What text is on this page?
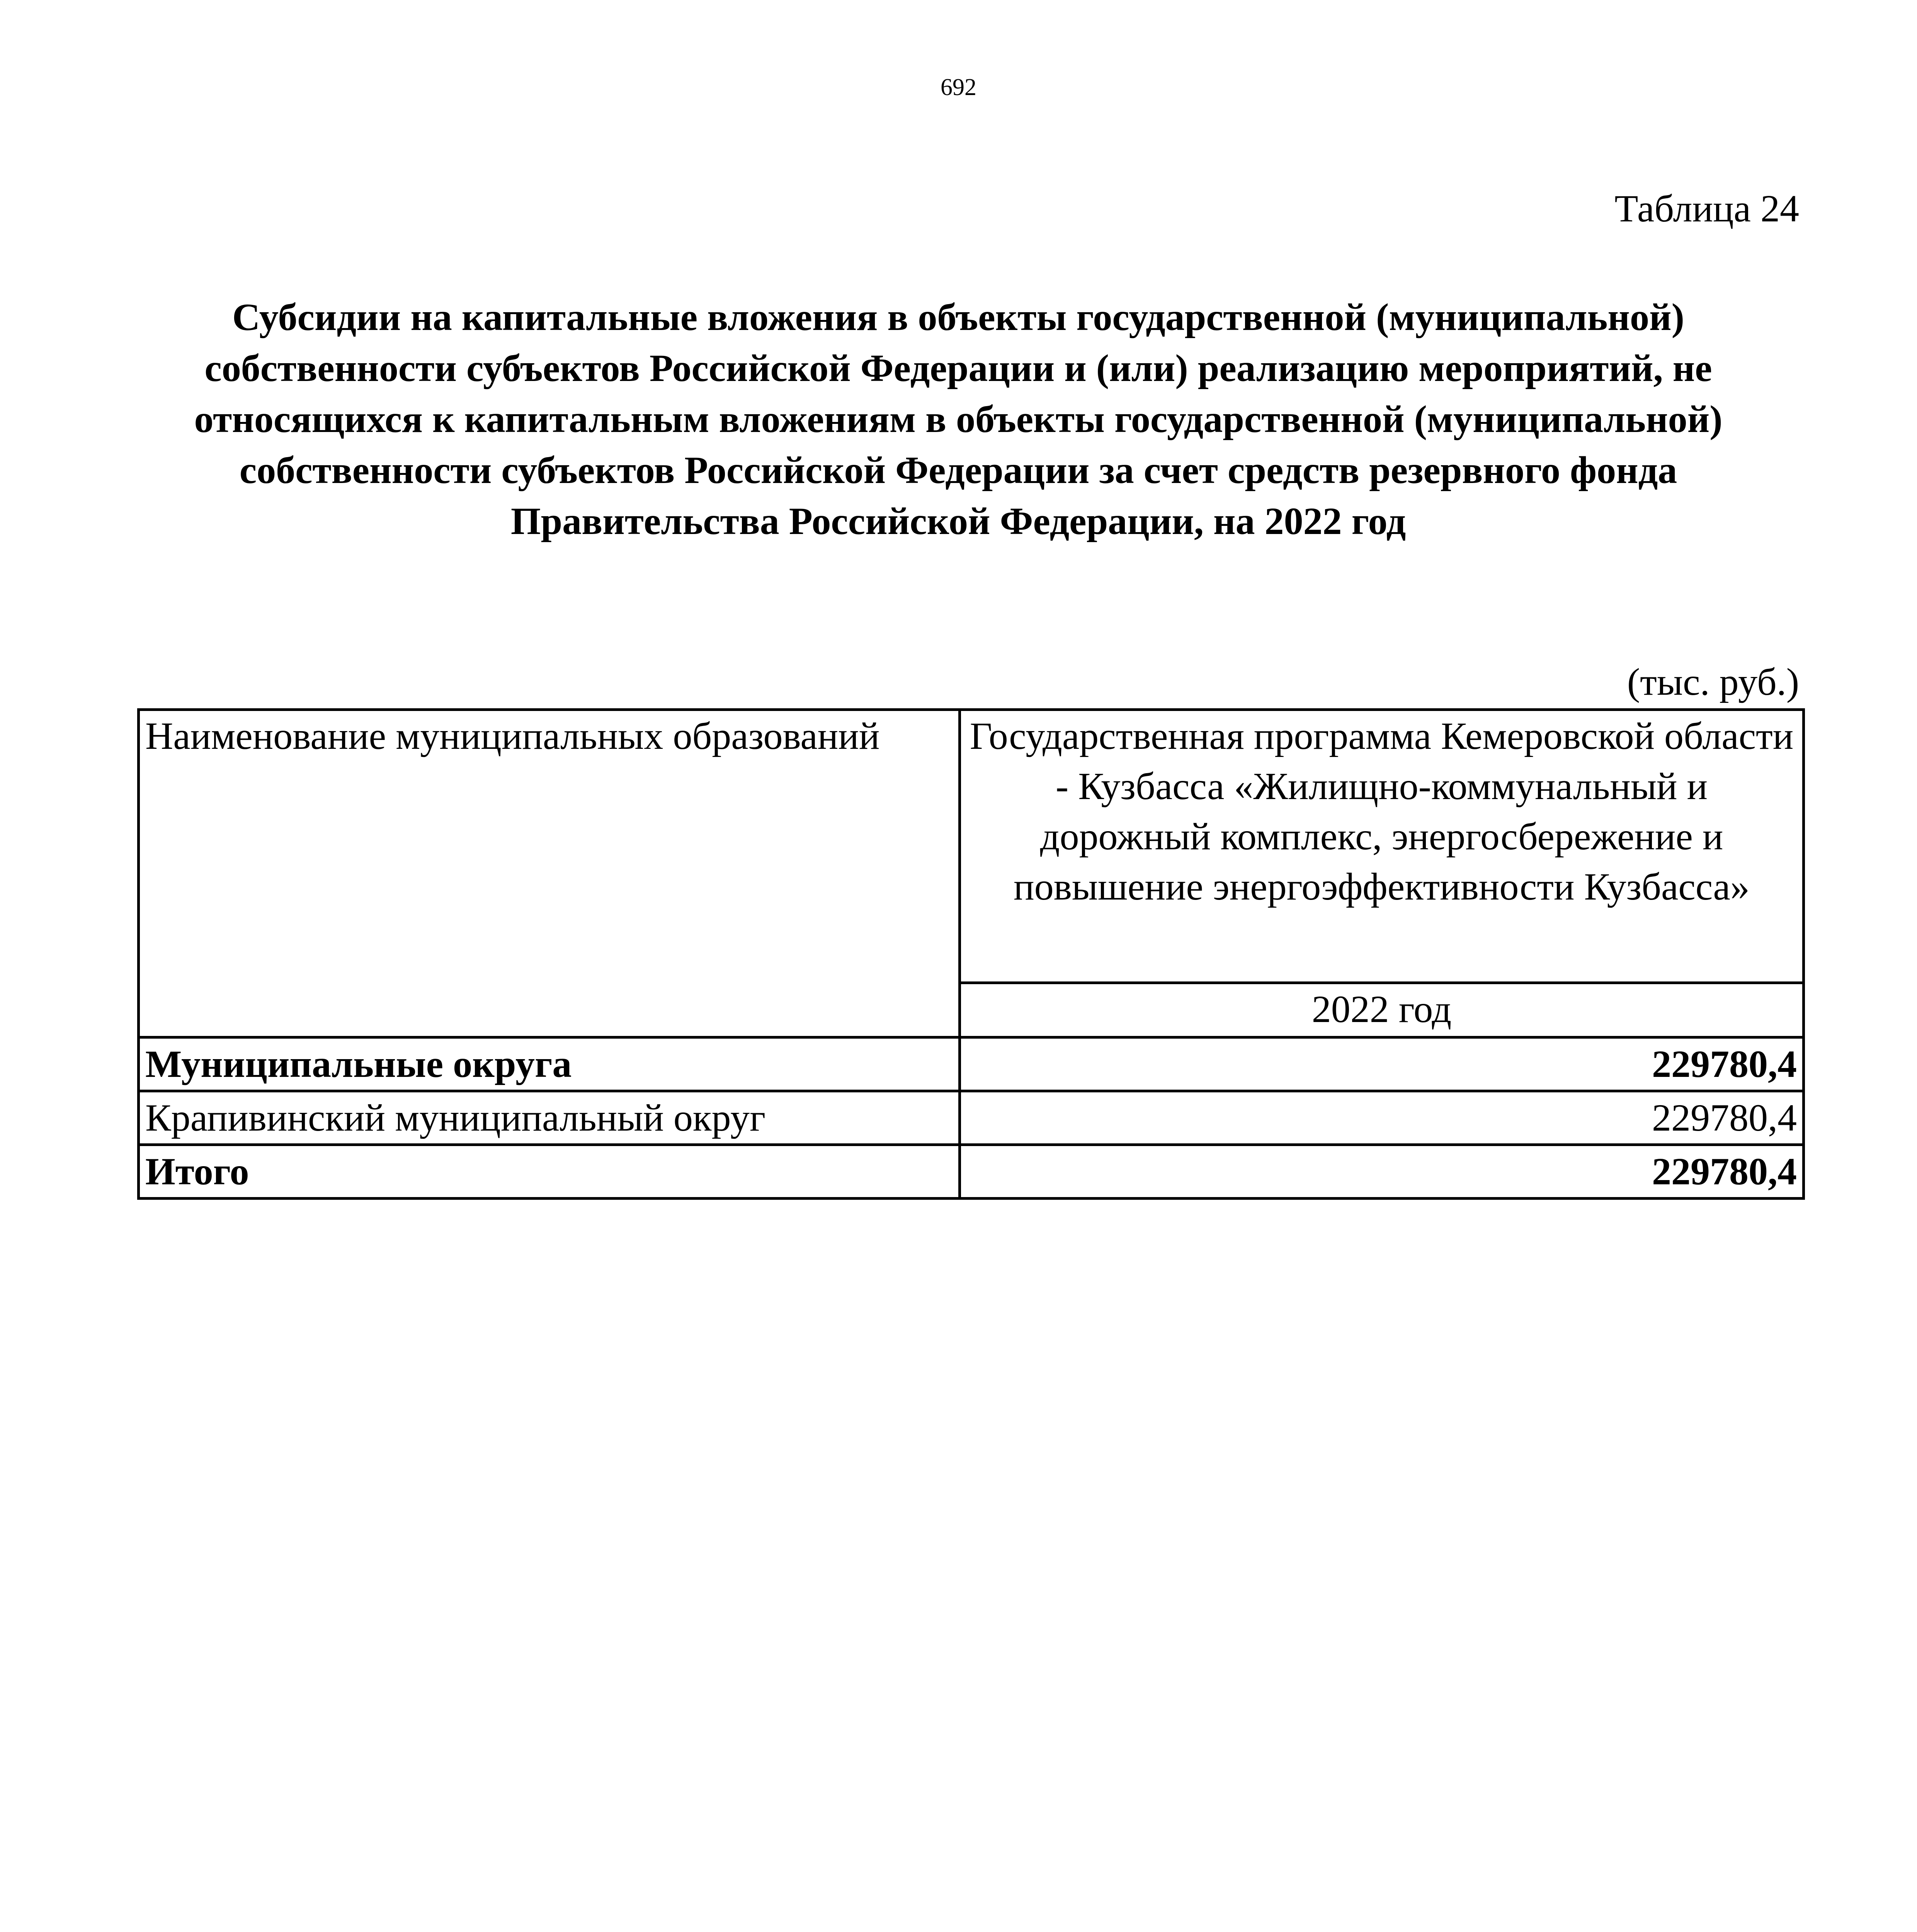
692
Таблица 24
Субсидии на капитальные вложения в объекты государственной (муниципальной) собственности субъектов Российской Федерации и (или) реализацию мероприятий, не относящихся к капитальным вложениям в объекты государственной (муниципальной) собственности субъектов Российской Федерации за счет средств резервного фонда Правительства Российской Федерации, на 2022 год
(тыс. руб.)
Наименование муниципальных образований	Государственная программа Кемеровской области - Кузбасса «Жилищно-коммунальный и дорожный комплекс, энергосбережение и повышение энергоэффективности Кузбасса»
	2022 год
Муниципальные округа	229780,4
Крапивинский муниципальный округ	229780,4
Итого	229780,4
